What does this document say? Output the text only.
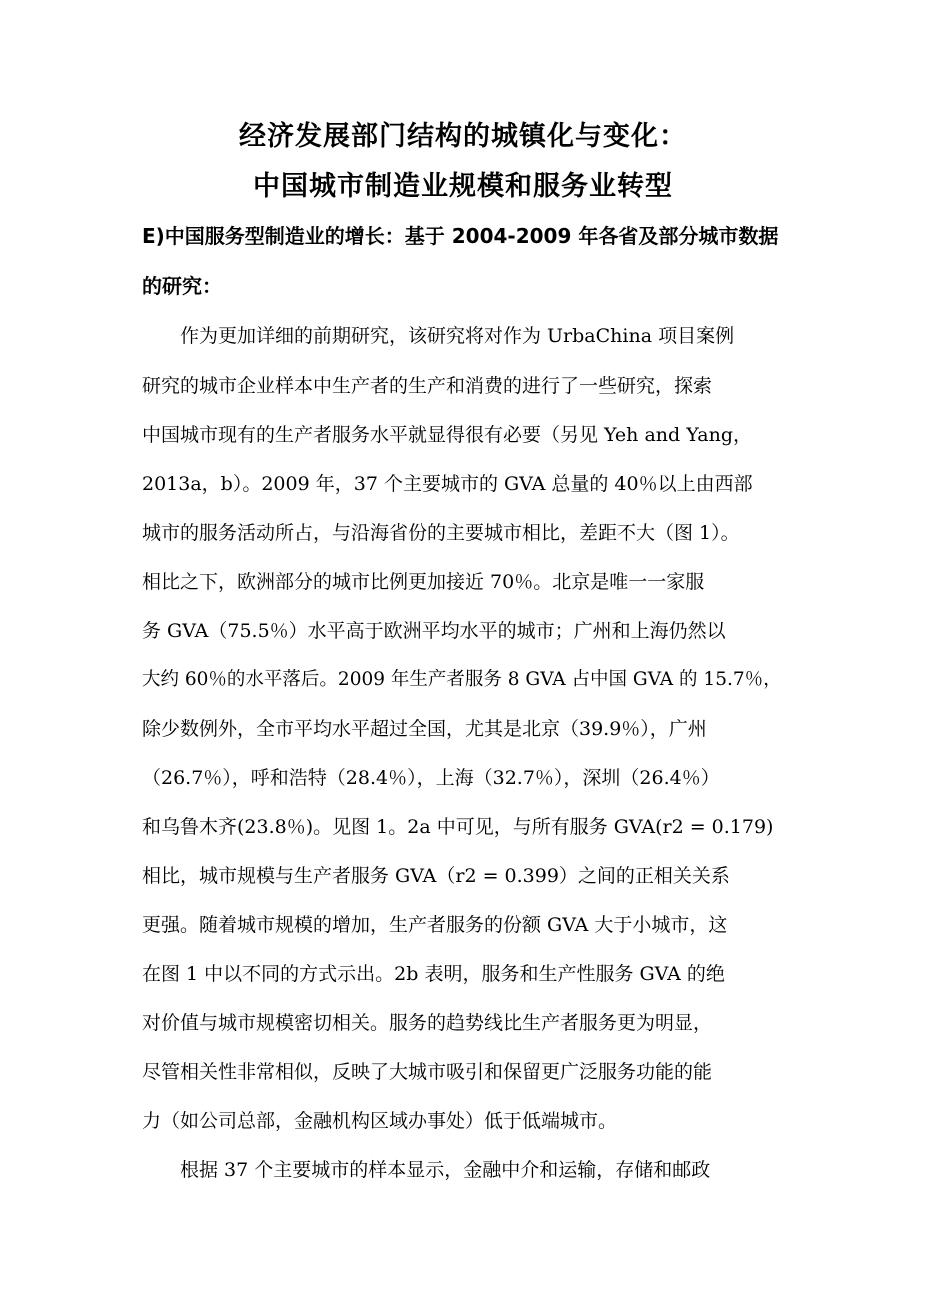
经济发展部门结构的城镇化与变化：
中国城市制造业规模和服务业转型
E)中国服务型制造业的增长：基于 2004-2009 年各省及部分城市数据
的研究：
　　作为更加详细的前期研究，该研究将对作为 UrbaChina 项目案例
研究的城市企业样本中生产者的生产和消费的进行了一些研究，探索
中国城市现有的生产者服务水平就显得很有必要（另见 Yeh and Yang，
2013a，b）。2009 年，37 个主要城市的 GVA 总量的 40％以上由西部
城市的服务活动所占，与沿海省份的主要城市相比，差距不大（图 1）。
相比之下，欧洲部分的城市比例更加接近 70％。北京是唯一一家服
务 GVA（75.5％）水平高于欧洲平均水平的城市；广州和上海仍然以
大约 60％的水平落后。2009 年生产者服务 8 GVA 占中国 GVA 的 15.7％，
除少数例外，全市平均水平超过全国，尤其是北京（39.9％），广州
（26.7％），呼和浩特（28.4％），上海（32.7％），深圳（26.4％）
和乌鲁木齐(23.8％)。见图 1。2a 中可见，与所有服务 GVA(r2 = 0.179)
相比，城市规模与生产者服务 GVA（r2 = 0.399）之间的正相关关系
更强。随着城市规模的增加，生产者服务的份额 GVA 大于小城市，这
在图 1 中以不同的方式示出。2b 表明，服务和生产性服务 GVA 的绝
对价值与城市规模密切相关。服务的趋势线比生产者服务更为明显，
尽管相关性非常相似，反映了大城市吸引和保留更广泛服务功能的能
力（如公司总部，金融机构区域办事处）低于低端城市。
　　根据 37 个主要城市的样本显示，金融中介和运输，存储和邮政
